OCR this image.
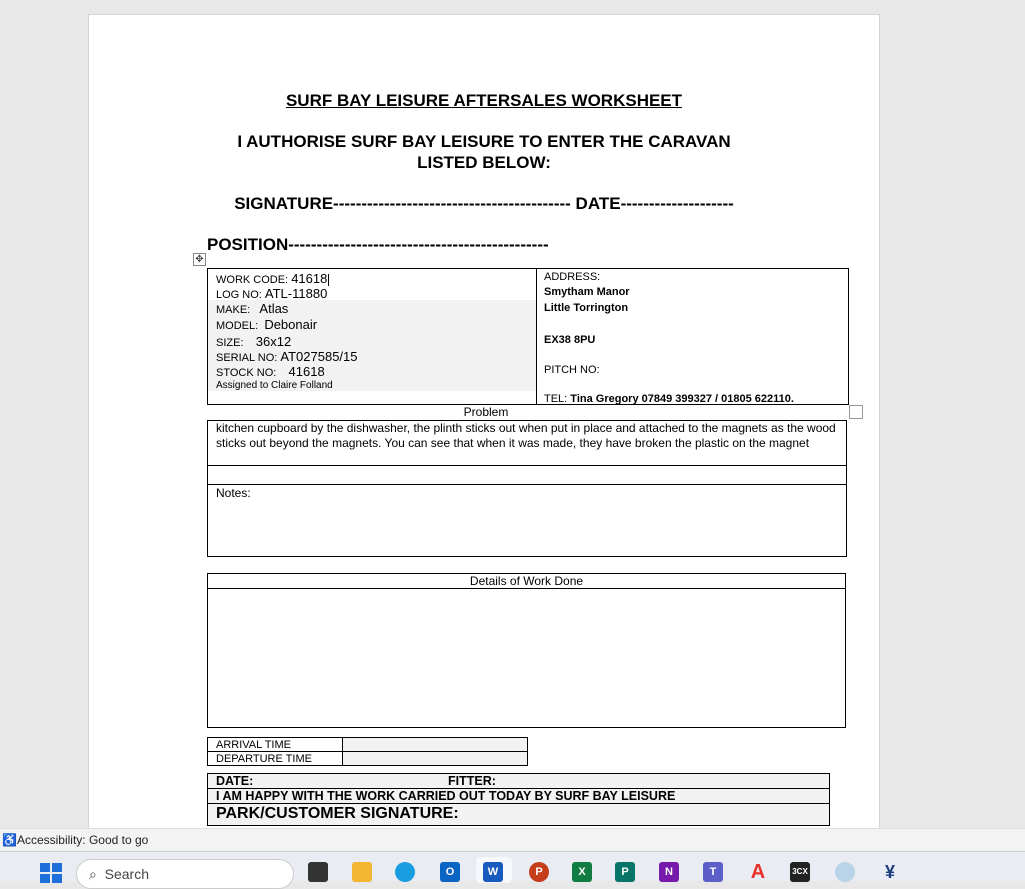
SURF BAY LEISURE AFTERSALES WORKSHEET
I AUTHORISE SURF BAY LEISURE TO ENTER THE CARAVAN
LISTED BELOW:
SIGNATURE------------------------------------------ DATE--------------------
POSITION----------------------------------------------
✥
WORK CODE: 41618
LOG NO: ATL-11880
MAKE: Atlas
MODEL: Debonair
SIZE: 36x12
SERIAL NO: AT027585/15
STOCK NO: 41618
Assigned to Claire Folland
ADDRESS:
Smytham Manor
Little Torrington
EX38 8PU
PITCH NO:
TEL: Tina Gregory 07849 399327 / 01805 622110.
Problem
kitchen cupboard by the dishwasher, the plinth sticks out when put in place and attached to the magnets as the wood sticks out beyond the magnets. You can see that when it was made, they have broken the plastic on the magnet
Notes:
Details of Work Done
ARRIVAL TIME
DEPARTURE TIME
DATE:	FITTER:
I AM HAPPY WITH THE WORK CARRIED OUT TODAY BY SURF BAY LEISURE
PARK/CUSTOMER SIGNATURE:
♿Accessibility: Good to go
⌕ Search	O	W	P	X	P	N	T	A	3CX	¥
